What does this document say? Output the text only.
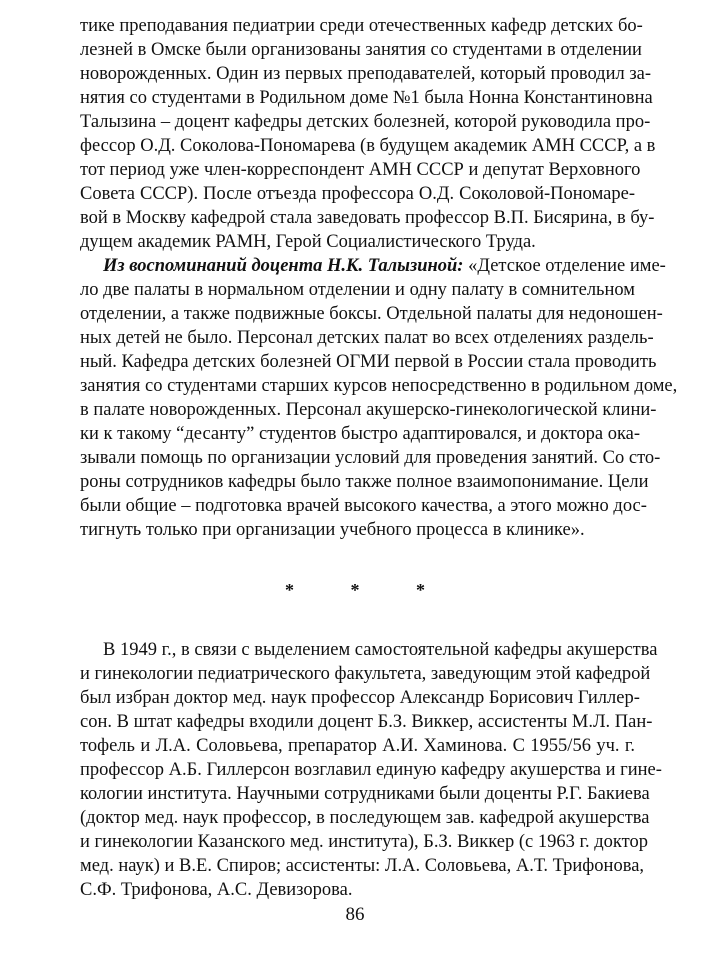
тике преподавания педиатрии среди отечественных кафедр детских бо-
лезней в Омске были организованы занятия со студентами в отделении
новорожденных. Один из первых преподавателей, который проводил за-
нятия со студентами в Родильном доме №1 была Нонна Константиновна
Талызина – доцент кафедры детских болезней, которой руководила про-
фессор О.Д. Соколова-Пономарева (в будущем академик АМН СССР, а в
тот период уже член-корреспондент АМН СССР и депутат Верховного
Совета СССР). После отъезда профессора О.Д. Соколовой-Пономаре-
вой в Москву кафедрой стала заведовать профессор В.П. Бисярина, в бу-
дущем академик РАМН, Герой Социалистического Труда.
Из воспоминаний доцента Н.К. Талызиной: «Детское отделение име-
ло две палаты в нормальном отделении и одну палату в сомнительном
отделении, а также подвижные боксы. Отдельной палаты для недоношен-
ных детей не было. Персонал детских палат во всех отделениях раздель-
ный. Кафедра детских болезней ОГМИ первой в России стала проводить
занятия со студентами старших курсов непосредственно в родильном доме,
в палате новорожденных. Персонал акушерско-гинекологической клини-
ки к такому “десанту” студентов быстро адаптировался, и доктора ока-
зывали помощь по организации условий для проведения занятий. Со сто-
роны сотрудников кафедры было также полное взаимопонимание. Цели
были общие – подготовка врачей высокого качества, а этого можно дос-
тигнуть только при организации учебного процесса в клинике».
* * *
В 1949 г., в связи с выделением самостоятельной кафедры акушерства
и гинекологии педиатрического факультета, заведующим этой кафедрой
был избран доктор мед. наук профессор Александр Борисович Гиллер-
сон. В штат кафедры входили доцент Б.З. Виккер, ассистенты М.Л. Пан-
тофель и Л.А. Соловьева, препаратор А.И. Хаминова. С 1955/56 уч. г.
профессор А.Б. Гиллерсон возглавил единую кафедру акушерства и гине-
кологии института. Научными сотрудниками были доценты Р.Г. Бакиева
(доктор мед. наук профессор, в последующем зав. кафедрой акушерства
и гинекологии Казанского мед. института), Б.З. Виккер (с 1963 г. доктор
мед. наук) и В.Е. Спиров; ассистенты: Л.А. Соловьева, А.Т. Трифонова,
С.Ф. Трифонова, А.С. Девизорова.
86
